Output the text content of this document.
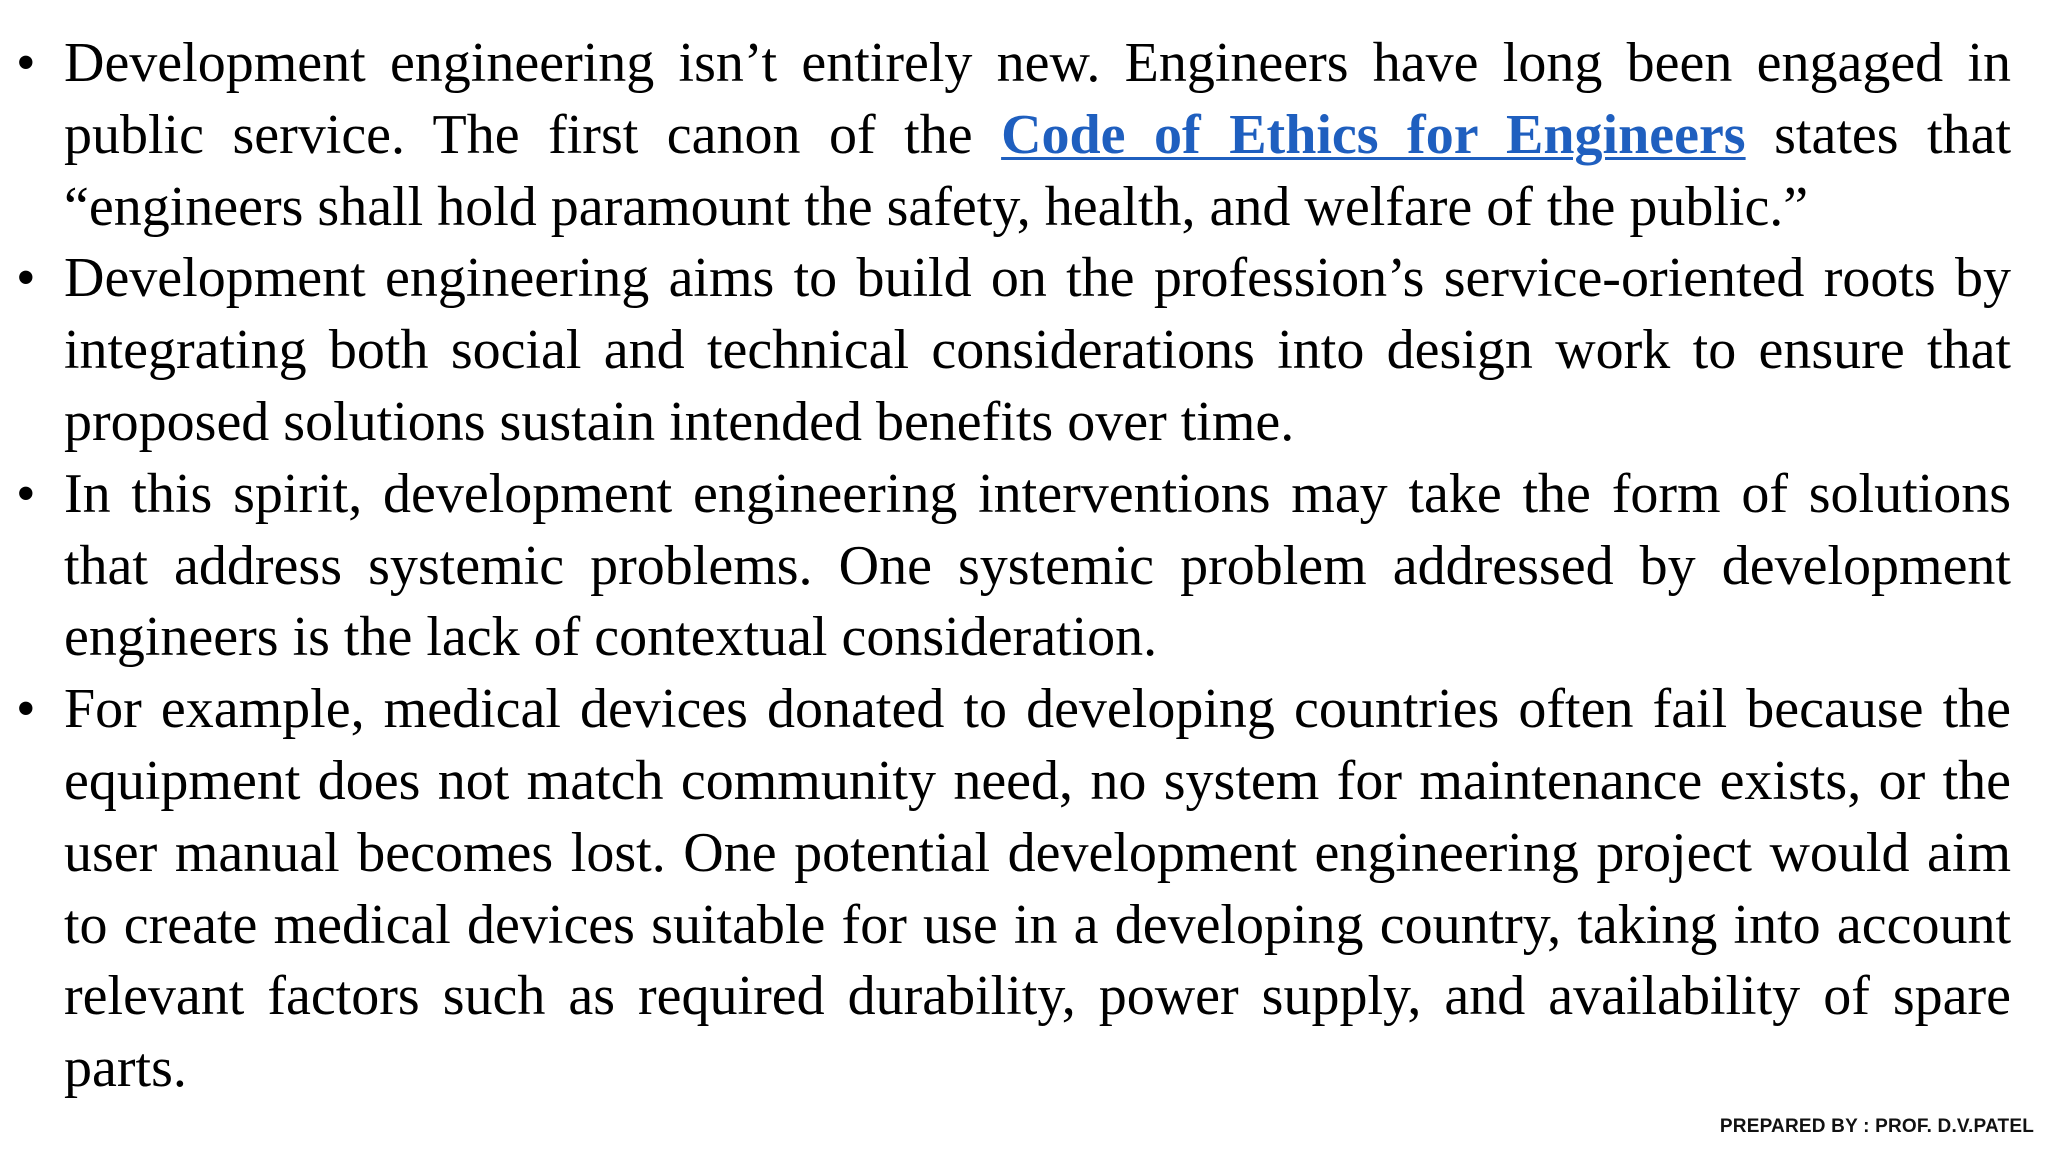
• Development engineering isn’t entirely new. Engineers have long been engaged in public service. The first canon of the Code of Ethics for Engineers states that “engineers shall hold paramount the safety, health, and welfare of the public.”
• Development engineering aims to build on the profession’s service-oriented roots by integrating both social and technical considerations into design work to ensure that proposed solutions sustain intended benefits over time.
• In this spirit, development engineering interventions may take the form of solutions that address systemic problems. One systemic problem addressed by development engineers is the lack of contextual consideration.
• For example, medical devices donated to developing countries often fail because the equipment does not match community need, no system for maintenance exists, or the user manual becomes lost. One potential development engineering project would aim to create medical devices suitable for use in a developing country, taking into account relevant factors such as required durability, power supply, and availability of spare parts.
PREPARED BY : PROF. D.V.PATEL
